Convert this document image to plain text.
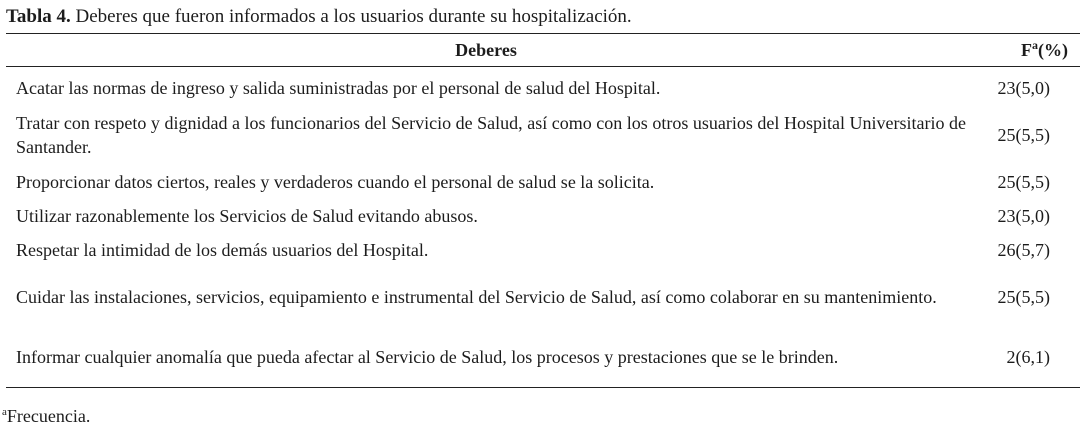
Tabla 4. Deberes que fueron informados a los usuarios durante su hospitalización.
Deberes	$F^a(\%)$
Acatar las normas de ingreso y salida suministradas por el personal de salud del Hospital.	23(5,0)
Tratar con respeto y dignidad a los funcionarios del Servicio de Salud, así como con los otros usuarios del Hospital Universitario de Santander.	25(5,5)
Proporcionar datos ciertos, reales y verdaderos cuando el personal de salud se la solicita.	25(5,5)
Utilizar razonablemente los Servicios de Salud evitando abusos.	23(5,0)
Respetar la intimidad de los demás usuarios del Hospital.	26(5,7)
Cuidar las instalaciones, servicios, equipamiento e instrumental del Servicio de Salud, así como colaborar en su mantenimiento.	25(5,5)
Informar cualquier anomalía que pueda afectar al Servicio de Salud, los procesos y prestaciones que se le brinden.	2(6,1)
$^a$Frecuencia.
